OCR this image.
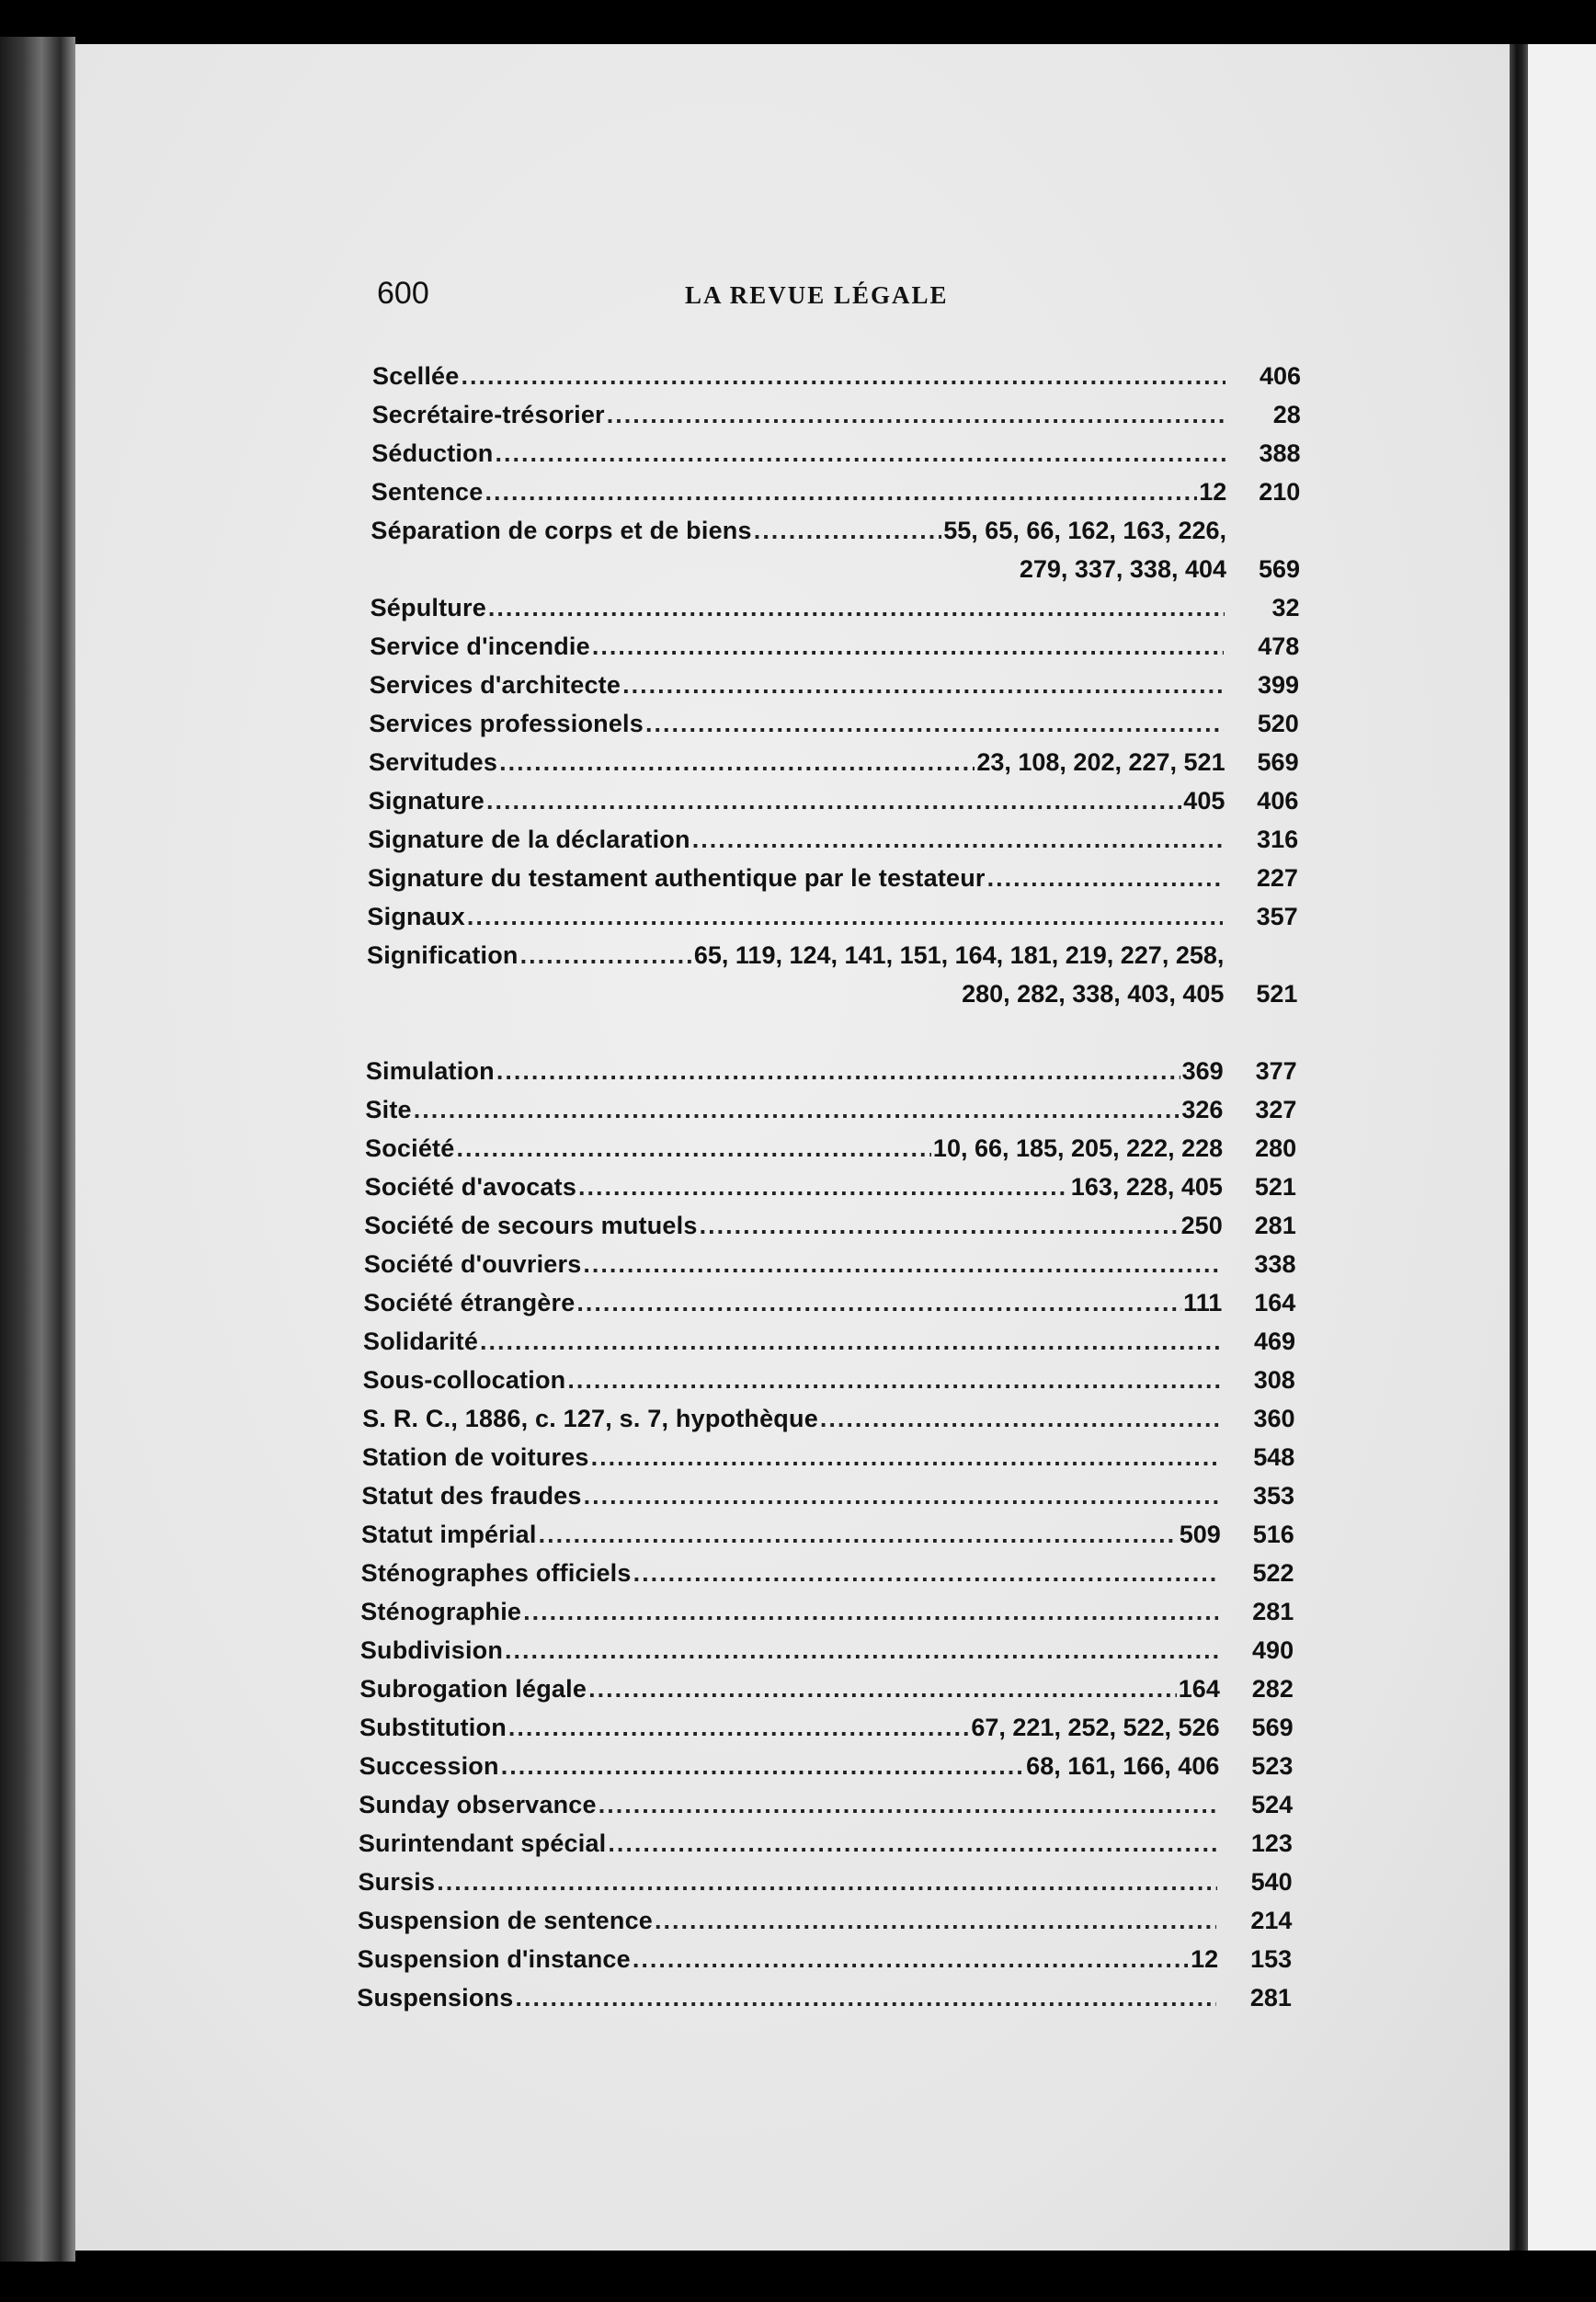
600	LA REVUE LÉGALE
Scellée .....	406
Secrétaire-trésorier .....	28
Séduction .....	388
Sentence .....	12	210
Séparation de corps et de biens .....	55, 65, 66, 162, 163, 226,
279, 337, 338, 404	569
Sépulture .....	32
Service d'incendie .....	478
Services d'architecte .....	399
Services professionels .....	520
Servitudes .....	23, 108, 202, 227, 521	569
Signature .....	405	406
Signature de la déclaration .....	316
Signature du testament authentique par le testateur .....	227
Signaux .....	357
Signification .....	65, 119, 124, 141, 151, 164, 181, 219, 227, 258,
280, 282, 338, 403, 405	521
Simulation .....	369	377
Site .....	326	327
Société .....	10, 66, 185, 205, 222, 228	280
Société d'avocats .....	163, 228, 405	521
Société de secours mutuels .....	250	281
Société d'ouvriers .....	338
Société étrangère .....	111	164
Solidarité .....	469
Sous-collocation .....	308
S. R. C., 1886, c. 127, s. 7, hypothèque .....	360
Station de voitures .....	548
Statut des fraudes .....	353
Statut impérial .....	509	516
Sténographes officiels .....	522
Sténographie .....	281
Subdivision .....	490
Subrogation légale .....	164	282
Substitution .....	67, 221, 252, 522, 526	569
Succession .....	68, 161, 166, 406	523
Sunday observance .....	524
Surintendant spécial .....	123
Sursis .....	540
Suspension de sentence .....	214
Suspension d'instance .....	12	153
Suspensions .....	281
